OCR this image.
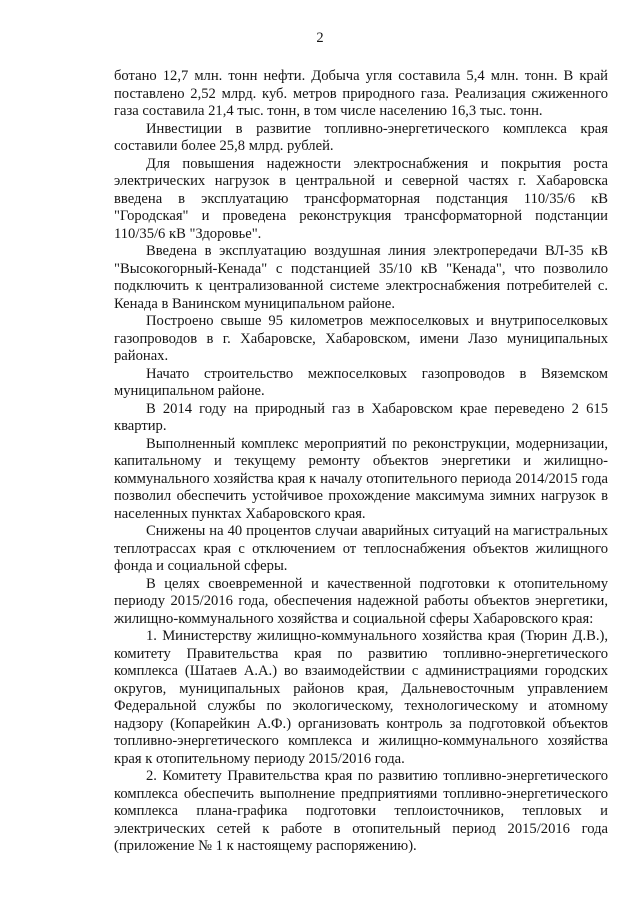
2

ботано 12,7 млн. тонн нефти. Добыча угля составила 5,4 млн. тонн. В край поставлено 2,52 млрд. куб. метров природного газа. Реализация сжиженного газа составила 21,4 тыс. тонн, в том числе населению 16,3 тыс. тонн.

Инвестиции в развитие топливно-энергетического комплекса края составили более 25,8 млрд. рублей.

Для повышения надежности электроснабжения и покрытия роста электрических нагрузок в центральной и северной частях г. Хабаровска введена в эксплуатацию трансформаторная подстанция 110/35/6 кВ "Городская" и проведена реконструкция трансформаторной подстанции 110/35/6 кВ "Здоровье".

Введена в эксплуатацию воздушная линия электропередачи ВЛ-35 кВ "Высокогорный-Кенада" с подстанцией 35/10 кВ "Кенада", что позволило подключить к централизованной системе электроснабжения потребителей с. Кенада в Ванинском муниципальном районе.

Построено свыше 95 километров межпоселковых и внутрипоселковых газопроводов в г. Хабаровске, Хабаровском, имени Лазо муниципальных районах.

Начато строительство межпоселковых газопроводов в Вяземском муниципальном районе.

В 2014 году на природный газ в Хабаровском крае переведено 2 615 квартир.

Выполненный комплекс мероприятий по реконструкции, модернизации, капитальному и текущему ремонту объектов энергетики и жилищно-коммунального хозяйства края к началу отопительного периода 2014/2015 года позволил обеспечить устойчивое прохождение максимума зимних нагрузок в населенных пунктах Хабаровского края.

Снижены на 40 процентов случаи аварийных ситуаций на магистральных теплотрассах края с отключением от теплоснабжения объектов жилищного фонда и социальной сферы.

В целях своевременной и качественной подготовки к отопительному периоду 2015/2016 года, обеспечения надежной работы объектов энергетики, жилищно-коммунального хозяйства и социальной сферы Хабаровского края:

1. Министерству жилищно-коммунального хозяйства края (Тюрин Д.В.), комитету Правительства края по развитию топливно-энергетического комплекса (Шатаев А.А.) во взаимодействии с администрациями городских округов, муниципальных районов края, Дальневосточным управлением Федеральной службы по экологическому, технологическому и атомному надзору (Копарейкин А.Ф.) организовать контроль за подготовкой объектов топливно-энергетического комплекса и жилищно-коммунального хозяйства края к отопительному периоду 2015/2016 года.

2. Комитету Правительства края по развитию топливно-энергетического комплекса обеспечить выполнение предприятиями топливно-энергетического комплекса плана-графика подготовки теплоисточников, тепловых и электрических сетей к работе в отопительный период 2015/2016 года (приложение № 1 к настоящему распоряжению).
